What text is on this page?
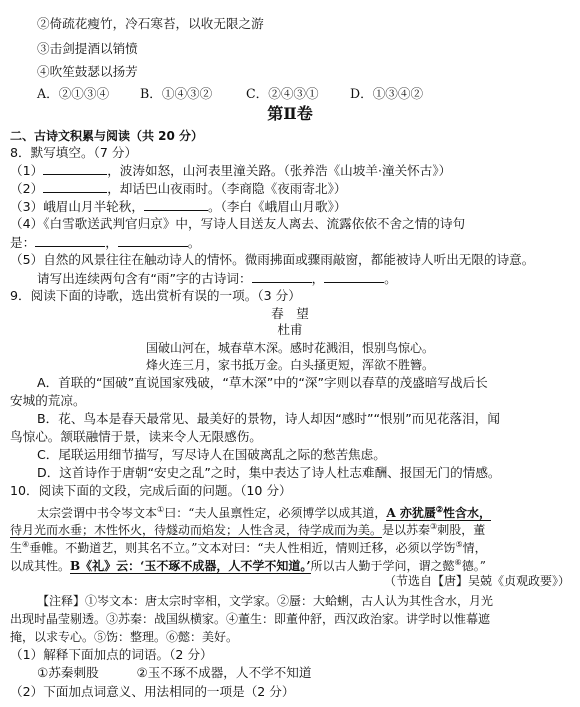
②倚疏花瘦竹，冷石寒苔，以收无限之游
③击剑提酒以销愤
④吹笙鼓瑟以扬芳
A．②①③④ B．①④③②	C．②④③① D．①③④②
第Ⅱ卷
二、古诗文积累与阅读（共 20 分）
8．默写填空。（7 分）
（1）	，波涛如怒，山河表里潼关路。（张养浩《山坡羊·潼关怀古》）
（2）	，却话巴山夜雨时。（李商隐《夜雨寄北》）
（3）峨眉山月半轮秋，	。（李白《峨眉山月歌》）
（4）《白雪歌送武判官归京》中，写诗人目送友人离去、流露依依不舍之情的诗句
是：	，	。
（5）自然的风景往往在触动诗人的情怀。微雨拂面或骤雨敲窗，都能被诗人听出无限的诗意。
请写出连续两句含有“雨”字的古诗词：	，	。
9．阅读下面的诗歌，选出赏析有误的一项。（3 分）
春　望
杜甫
国破山河在，城春草木深。感时花溅泪，恨别鸟惊心。
烽火连三月，家书抵万金。白头搔更短，浑欲不胜簪。
A．首联的“国破”直说国家残破，“草木深”中的“深”字则以春草的茂盛暗写战后长
安城的荒凉。
B．花、鸟本是春天最常见、最美好的景物，诗人却因“感时”“恨别”而见花落泪，闻
鸟惊心。颔联融情于景，读来令人无限感伤。
C．尾联运用细节描写，写尽诗人在国破离乱之际的愁苦焦虑。
D．这首诗作于唐朝“安史之乱”之时，集中表达了诗人杜志难酬、报国无门的情感。
10．阅读下面的文段，完成后面的问题。（10 分）
太宗尝谓中书令岑文本①曰：“夫人虽禀性定，必须博学以成其道，A 亦犹蜃②性含水，
待月光而水垂；木性怀火，待燧动而焰发；人性含灵，待学成而为美。是以苏秦③刺股，董
生④垂帷。不勤道艺，则其名不立。”文本对曰：“夫人性相近，情则迁移，必须以学饬⑤情，
以成其性。B《礼》云：‘玉不琢不成器，人不学不知道。’所以古人勤于学问，谓之懿⑥德。”
（节选自【唐】吴兢《贞观政要》）
【注释】①岑文本：唐太宗时宰相，文学家。②蜃：大蛤蜊，古人认为其性含水，月光
出现时晶莹剔透。③苏秦：战国纵横家。④董生：即董仲舒，西汉政治家。讲学时以惟幕遮
掩，以求专心。⑤饬：整理。⑥懿：美好。
（1）解释下面加点的词语。（2 分）
①苏秦刺股　　　②玉不琢不成器，人不学不知道
（2）下面加点词意义、用法相同的一项是（2 分）
